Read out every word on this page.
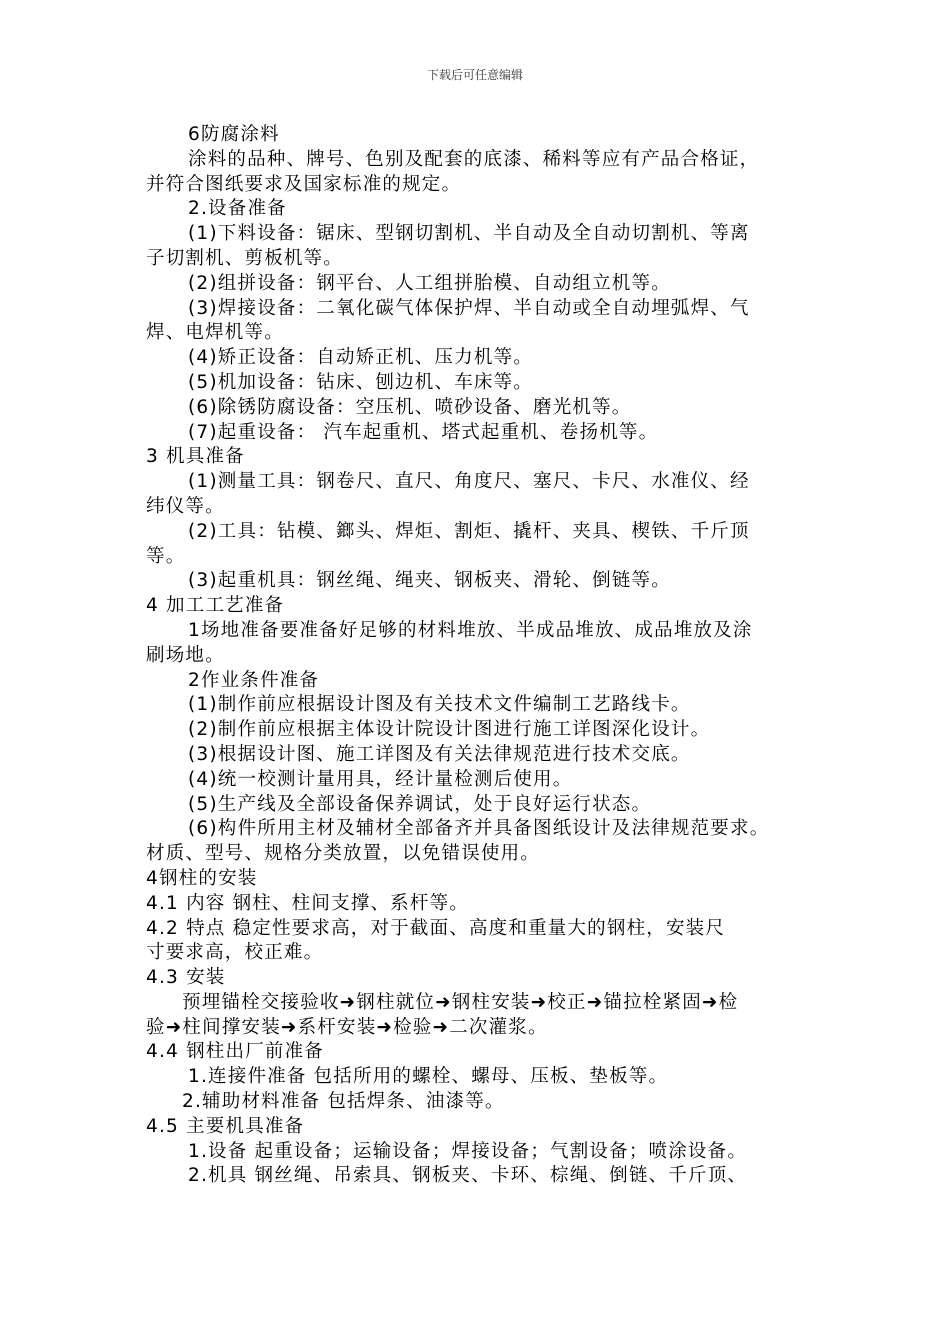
下载后可任意编辑
6防腐涂料
涂料的品种、牌号、色别及配套的底漆、稀料等应有产品合格证，
并符合图纸要求及国家标准的规定。
2.设备准备
(1)下料设备：锯床、型钢切割机、半自动及全自动切割机、等离
子切割机、剪板机等。
(2)组拼设备：钢平台、人工组拼胎模、自动组立机等。
(3)焊接设备：二氧化碳气体保护焊、半自动或全自动埋弧焊、气
焊、电焊机等。
(4)矫正设备：自动矫正机、压力机等。
(5)机加设备：钻床、刨边机、车床等。
(6)除锈防腐设备：空压机、喷砂设备、磨光机等。
(7)起重设备： 汽车起重机、塔式起重机、卷扬机等。
3 机具准备
(1)测量工具：钢卷尺、直尺、角度尺、塞尺、卡尺、水准仪、经
纬仪等。
(2)工具：钻模、鎯头、焊炬、割炬、撬杆、夹具、楔铁、千斤顶
等。
(3)起重机具：钢丝绳、绳夹、钢板夹、滑轮、倒链等。
4 加工工艺准备
1场地准备要准备好足够的材料堆放、半成品堆放、成品堆放及涂
刷场地。
2作业条件准备
(1)制作前应根据设计图及有关技术文件编制工艺路线卡。
(2)制作前应根据主体设计院设计图进行施工详图深化设计。
(3)根据设计图、施工详图及有关法律规范进行技术交底。
(4)统一校测计量用具，经计量检测后使用。
(5)生产线及全部设备保养调试，处于良好运行状态。
(6)构件所用主材及辅材全部备齐并具备图纸设计及法律规范要求。
材质、型号、规格分类放置，以免错误使用。
4钢柱的安装
4.1 内容 钢柱、柱间支撑、系杆等。
4.2 特点 稳定性要求高，对于截面、高度和重量大的钢柱，安装尺
寸要求高，校正难。
4.3 安装
预埋锚栓交接验收➜钢柱就位➜钢柱安装➜校正➜锚拉栓紧固➜检
验➜柱间撑安装➜系杆安装➜检验➜二次灌浆。
4.4 钢柱出厂前准备
1.连接件准备 包括所用的螺栓、螺母、压板、垫板等。
2.辅助材料准备 包括焊条、油漆等。
4.5 主要机具准备
1.设备 起重设备；运输设备；焊接设备；气割设备；喷涂设备。
2.机具 钢丝绳、吊索具、钢板夹、卡环、棕绳、倒链、千斤顶、
